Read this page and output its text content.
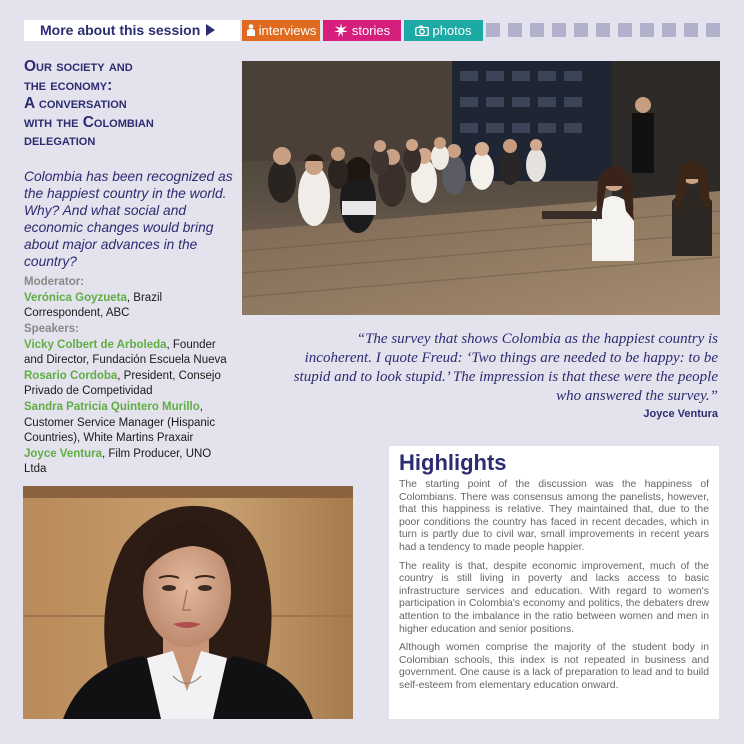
More about this session	interviews	stories	photos
Our society and
the economy:
A conversation
with the Colombian
delegation
Colombia has been recognized as the happiest country in the world. Why? And what social and economic changes would bring about major advances in the country?
Moderator:
Verónica Goyzueta, Brazil Correspondent, ABC
Speakers:
Vicky Colbert de Arboleda, Founder and Director, Fundación Escuela Nueva
Rosario Cordoba, President, Consejo Privado de Competividad
Sandra Patricia Quintero Murillo, Customer Service Manager (Hispanic Countries), White Martins Praxair
Joyce Ventura, Film Producer, UNO Ltda
“The survey that shows Colombia as the happiest country is incoherent. I quote Freud: ‘Two things are needed to be happy: to be stupid and to look stupid.’ The impression is that these were the people who answered the survey.”
Joyce Ventura
Highlights

The starting point of the discussion was the happiness of Colombians. There was consensus among the panelists, however, that this happiness is relative. They maintained that, due to the poor conditions the country has faced in recent decades, which in turn is partly due to civil war, small improvements in recent years had a tendency to made people happier.

The reality is that, despite economic improvement, much of the country is still living in poverty and lacks access to basic infrastructure services and education. With regard to women's participation in Colombia's economy and politics, the debaters drew attention to the imbalance in the ratio between women and men in higher education and senior positions.

Although women comprise the majority of the student body in Colombian schools, this index is not repeated in business and government. One cause is a lack of preparation to lead and to build self-esteem from elementary education onward.
